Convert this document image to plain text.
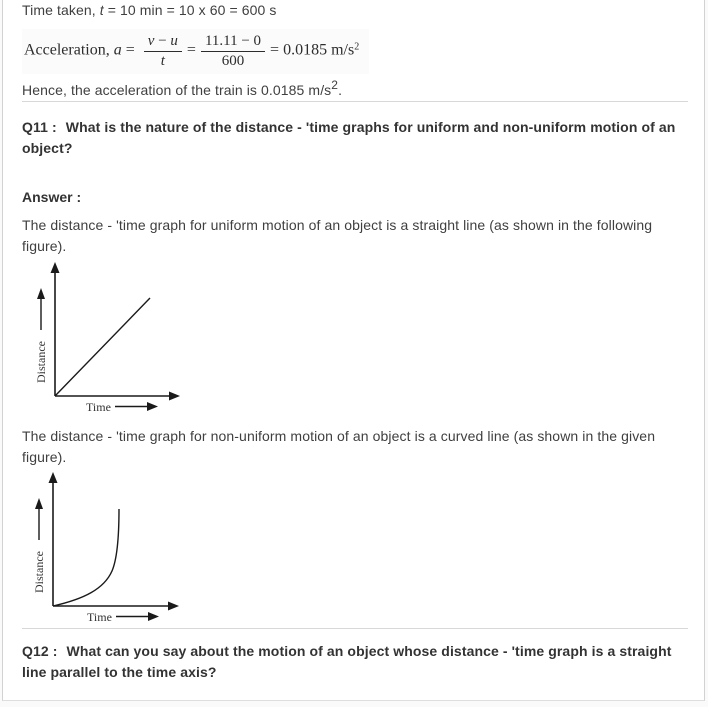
Time taken, t = 10 min = 10 x 60 = 600 s

Acceleration, $a = \frac{v - u}{t} = \frac{11.11 - 0}{600} = 0.0185$ $m/s^2$

Hence, the acceleration of the train is 0.0185 $m/s^2$.

Q11 : What is the nature of the distance - 'time graphs for uniform and non-uniform motion of an object?

Answer :

The distance - 'time graph for uniform motion of an object is a straight line (as shown in the following figure).

Distance
Time

The distance - 'time graph for non-uniform motion of an object is a curved line (as shown in the given figure).

Distance
Time

Q12 : What can you say about the motion of an object whose distance - 'time graph is a straight line parallel to the time axis?
